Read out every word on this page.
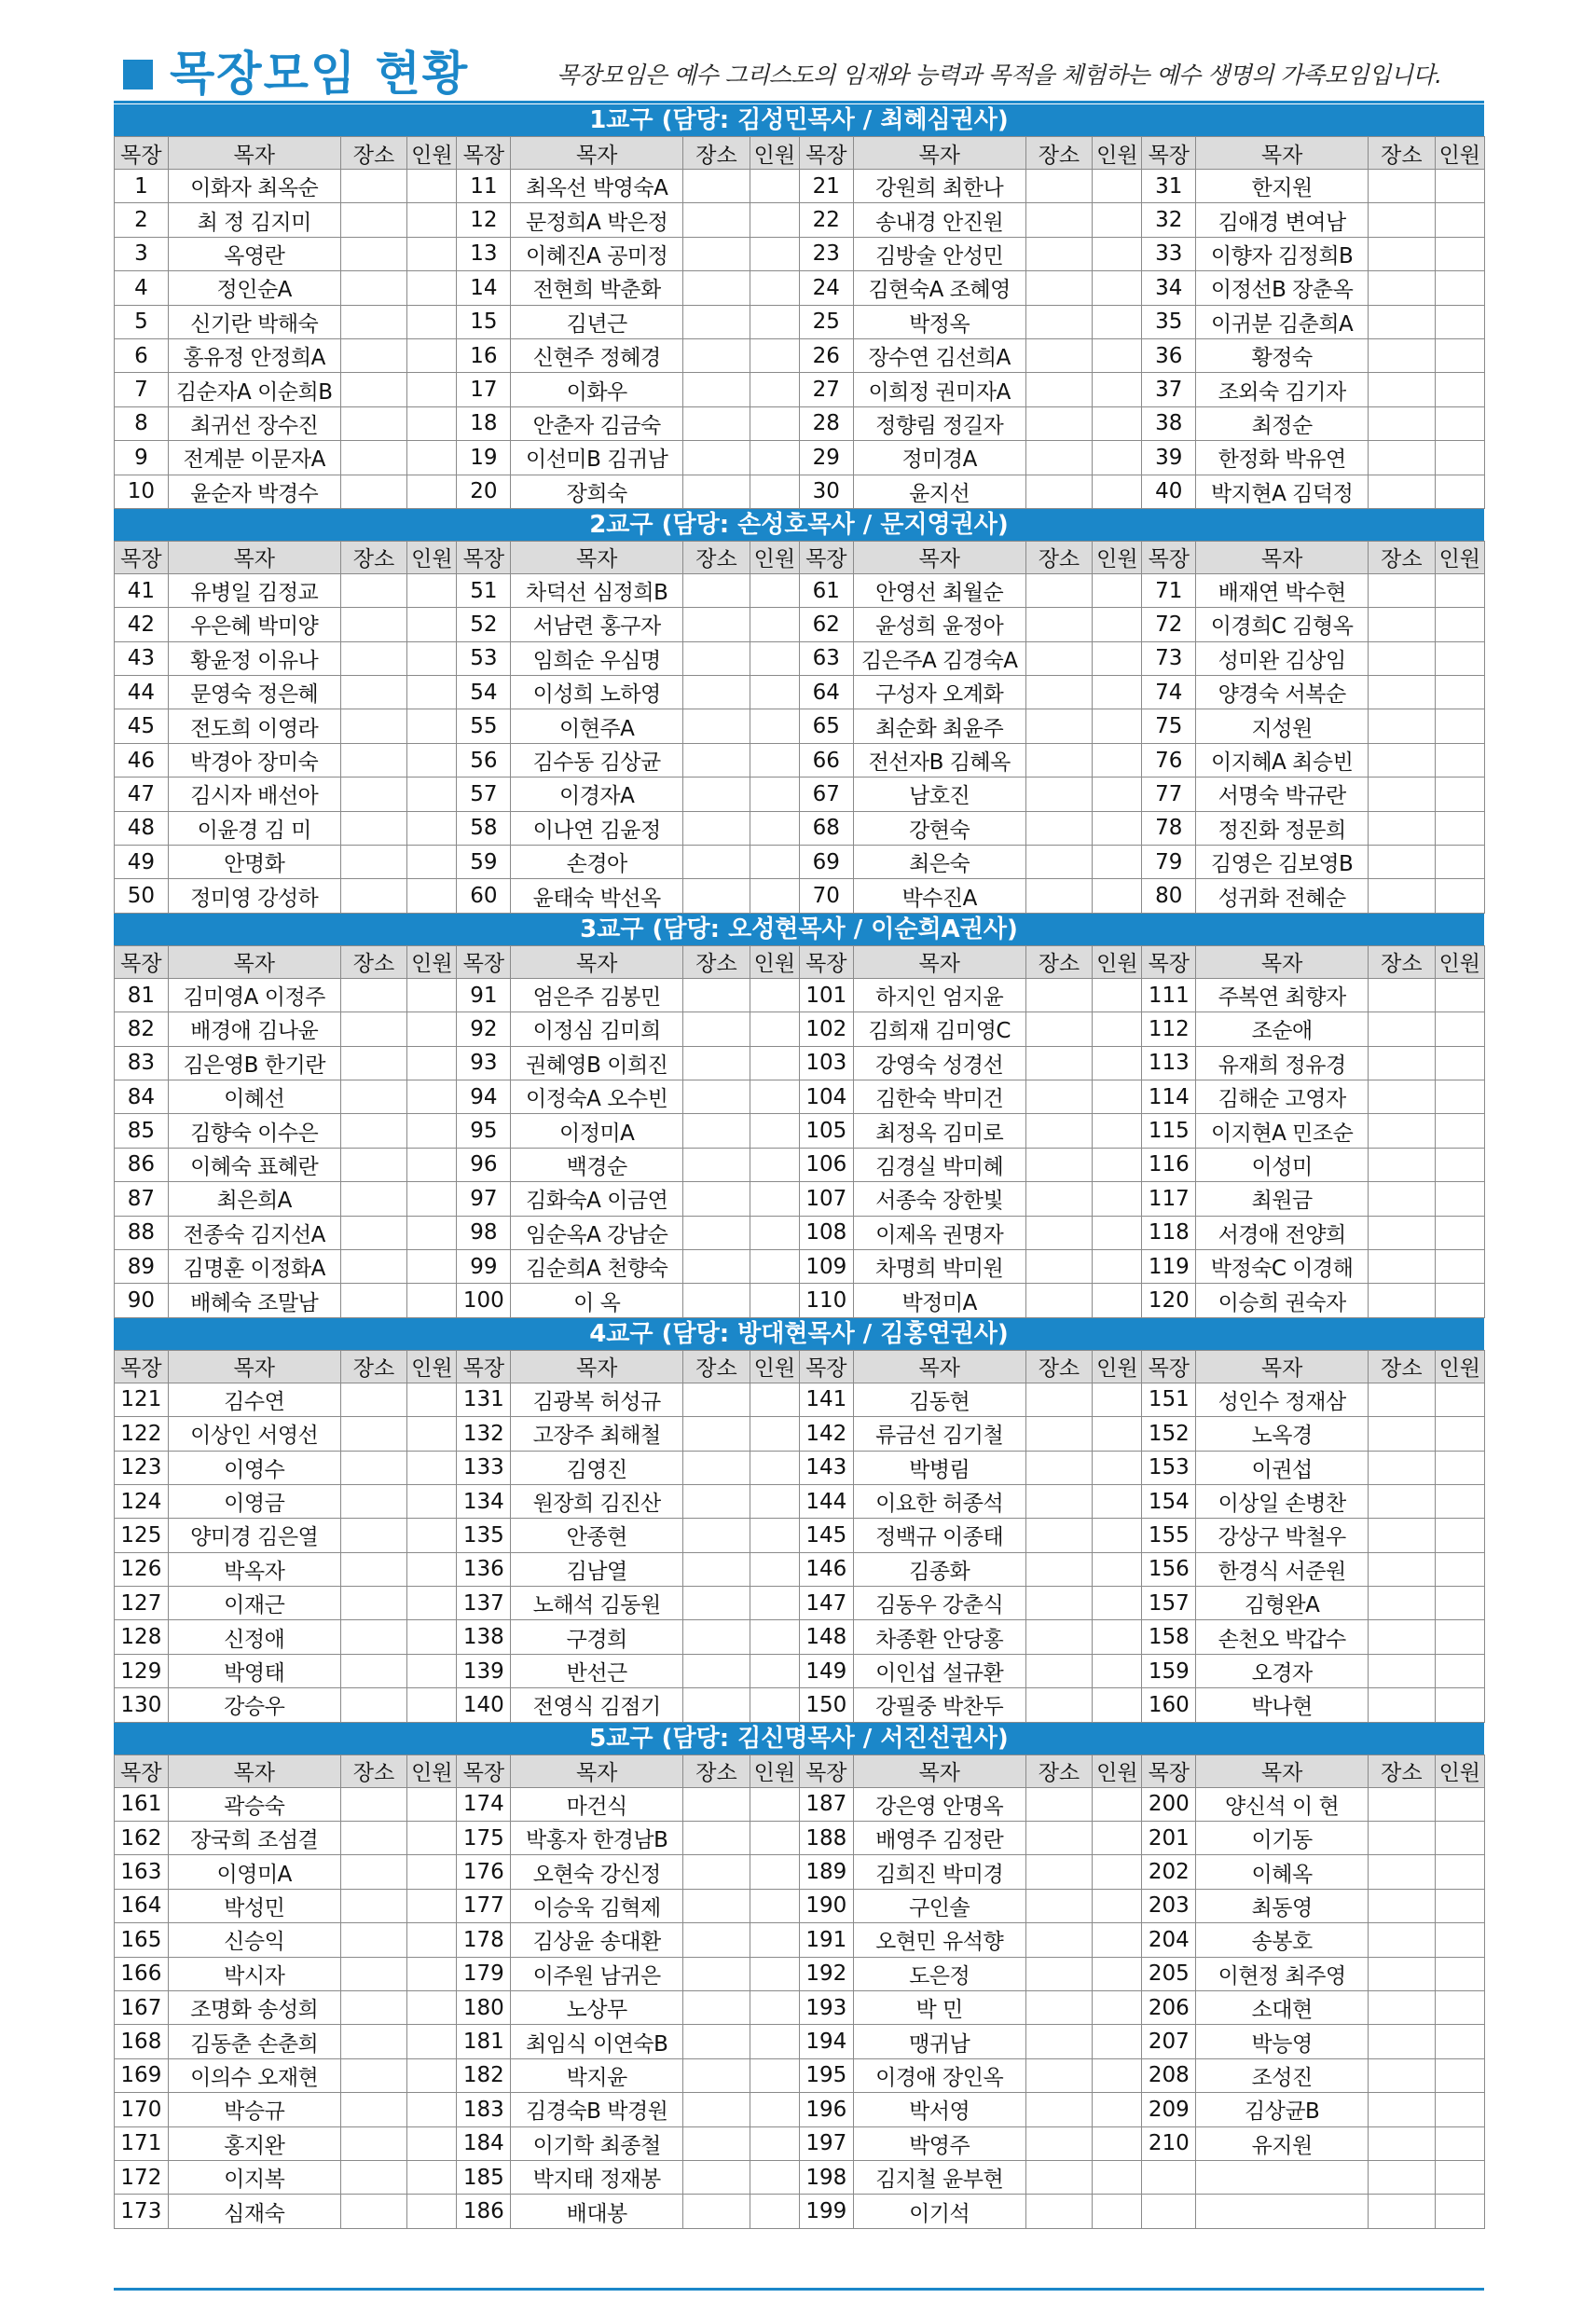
목장모임 현황	목장모임은 예수 그리스도의 임재와 능력과 목적을 체험하는 예수 생명의 가족모임입니다.
1교구 (담당: 김성민목사 / 최혜심권사)
목장	목자	장소	인원	목장	목자	장소	인원	목장	목자	장소	인원	목장	목자	장소	인원
1	이화자 최옥순			11	최옥선 박영숙A			21	강원희 최한나			31	한지원		
2	최 정 김지미			12	문정희A 박은정			22	송내경 안진원			32	김애경 변여남		
3	옥영란			13	이혜진A 공미정			23	김방술 안성민			33	이향자 김정희B		
4	정인순A			14	전현희 박춘화			24	김현숙A 조혜영			34	이정선B 장춘옥		
5	신기란 박해숙			15	김년근			25	박정옥			35	이귀분 김춘희A		
6	홍유정 안정희A			16	신현주 정혜경			26	장수연 김선희A			36	황정숙		
7	김순자A 이순희B			17	이화우			27	이희정 권미자A			37	조외숙 김기자		
8	최귀선 장수진			18	안춘자 김금숙			28	정향림 정길자			38	최정순		
9	전계분 이문자A			19	이선미B 김귀남			29	정미경A			39	한정화 박유연		
10	윤순자 박경수			20	장희숙			30	윤지선			40	박지현A 김덕정		
2교구 (담당: 손성호목사 / 문지영권사)
목장	목자	장소	인원	목장	목자	장소	인원	목장	목자	장소	인원	목장	목자	장소	인원
41	유병일 김정교			51	차덕선 심정희B			61	안영선 최월순			71	배재연 박수현		
42	우은혜 박미양			52	서남련 홍구자			62	윤성희 윤정아			72	이경희C 김형옥		
43	황윤정 이유나			53	임희순 우심명			63	김은주A 김경숙A			73	성미완 김상임		
44	문영숙 정은혜			54	이성희 노하영			64	구성자 오계화			74	양경숙 서복순		
45	전도희 이영라			55	이현주A			65	최순화 최윤주			75	지성원		
46	박경아 장미숙			56	김수동 김상균			66	전선자B 김혜옥			76	이지혜A 최승빈		
47	김시자 배선아			57	이경자A			67	남호진			77	서명숙 박규란		
48	이윤경 김 미			58	이나연 김윤정			68	강현숙			78	정진화 정문희		
49	안명화			59	손경아			69	최은숙			79	김영은 김보영B		
50	정미영 강성하			60	윤태숙 박선옥			70	박수진A			80	성귀화 전혜순		
3교구 (담당: 오성현목사 / 이순희A권사)
목장	목자	장소	인원	목장	목자	장소	인원	목장	목자	장소	인원	목장	목자	장소	인원
81	김미영A 이정주			91	엄은주 김봉민			101	하지인 엄지윤			111	주복연 최향자		
82	배경애 김나윤			92	이정심 김미희			102	김희재 김미영C			112	조순애		
83	김은영B 한기란			93	권혜영B 이희진			103	강영숙 성경선			113	유재희 정유경		
84	이혜선			94	이정숙A 오수빈			104	김한숙 박미건			114	김해순 고영자		
85	김향숙 이수은			95	이정미A			105	최정옥 김미로			115	이지현A 민조순		
86	이혜숙 표혜란			96	백경순			106	김경실 박미혜			116	이성미		
87	최은희A			97	김화숙A 이금연			107	서종숙 장한빛			117	최원금		
88	전종숙 김지선A			98	임순옥A 강남순			108	이제옥 권명자			118	서경애 전양희		
89	김명훈 이정화A			99	김순희A 천향숙			109	차명희 박미원			119	박정숙C 이경해		
90	배혜숙 조말남			100	이 옥			110	박정미A			120	이승희 권숙자		
4교구 (담당: 방대현목사 / 김홍연권사)
목장	목자	장소	인원	목장	목자	장소	인원	목장	목자	장소	인원	목장	목자	장소	인원
121	김수연			131	김광복 허성규			141	김동현			151	성인수 정재삼		
122	이상인 서영선			132	고장주 최해철			142	류금선 김기철			152	노옥경		
123	이영수			133	김영진			143	박병림			153	이권섭		
124	이영금			134	원장희 김진산			144	이요한 허종석			154	이상일 손병찬		
125	양미경 김은열			135	안종현			145	정백규 이종태			155	강상구 박철우		
126	박옥자			136	김남열			146	김종화			156	한경식 서준원		
127	이재근			137	노해석 김동원			147	김동우 강춘식			157	김형완A		
128	신정애			138	구경희			148	차종환 안당홍			158	손천오 박갑수		
129	박영태			139	반선근			149	이인섭 설규환			159	오경자		
130	강승우			140	전영식 김점기			150	강필중 박찬두			160	박나현		
5교구 (담당: 김신명목사 / 서진선권사)
목장	목자	장소	인원	목장	목자	장소	인원	목장	목자	장소	인원	목장	목자	장소	인원
161	곽승숙			174	마건식			187	강은영 안명옥			200	양신석 이 현		
162	장국희 조섬결			175	박홍자 한경남B			188	배영주 김정란			201	이기동		
163	이영미A			176	오현숙 강신정			189	김희진 박미경			202	이혜옥		
164	박성민			177	이승욱 김혁제			190	구인솔			203	최동영		
165	신승익			178	김상윤 송대환			191	오현민 유석향			204	송봉호		
166	박시자			179	이주원 남귀은			192	도은정			205	이현정 최주영		
167	조명화 송성희			180	노상무			193	박 민			206	소대현		
168	김동춘 손춘희			181	최임식 이연숙B			194	맹귀남			207	박능영		
169	이의수 오재현			182	박지윤			195	이경애 장인옥			208	조성진		
170	박승규			183	김경숙B 박경원			196	박서영			209	김상균B		
171	홍지완			184	이기학 최종철			197	박영주			210	유지원		
172	이지복			185	박지태 정재봉			198	김지철 윤부현						
173	심재숙			186	배대봉			199	이기석						
